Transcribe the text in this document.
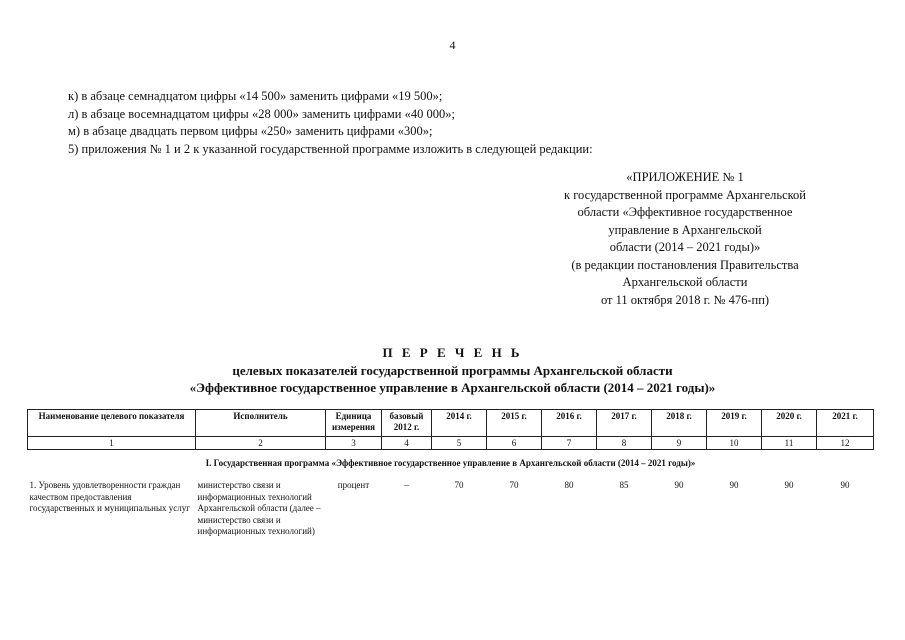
4
к) в абзаце семнадцатом цифры «14 500» заменить цифрами «19 500»;
л) в абзаце восемнадцатом цифры «28 000» заменить цифрами «40 000»;
м) в абзаце двадцать первом цифры «250» заменить цифрами «300»;
5) приложения № 1 и 2 к указанной государственной программе изложить в следующей редакции:
«ПРИЛОЖЕНИЕ № 1
к государственной программе Архангельской
области «Эффективное государственное
управление в Архангельской
области (2014 – 2021 годы)»
(в редакции постановления Правительства
Архангельской области
от 11 октября 2018 г. № 476-пп)
П Е Р Е Ч Е Н Ь
целевых показателей государственной программы Архангельской области
«Эффективное государственное управление в Архангельской области (2014 – 2021 годы)»
Наименование целевого показателя	Исполнитель	Единица измерения	базовый 2012 г.	2014 г.	2015 г.	2016 г.	2017 г.	2018 г.	2019 г.	2020 г.	2021 г.
1	2	3	4	5	6	7	8	9	10	11	12
I. Государственная программа «Эффективное государственное управление в Архангельской области (2014 – 2021 годы)»											
1. Уровень удовлетворенности граждан качеством предоставления государственных и муниципальных услуг	министерство связи и информационных технологий Архангельской области (далее – министерство связи и информационных технологий)	процент	–	70	70	80	85	90	90	90	90
